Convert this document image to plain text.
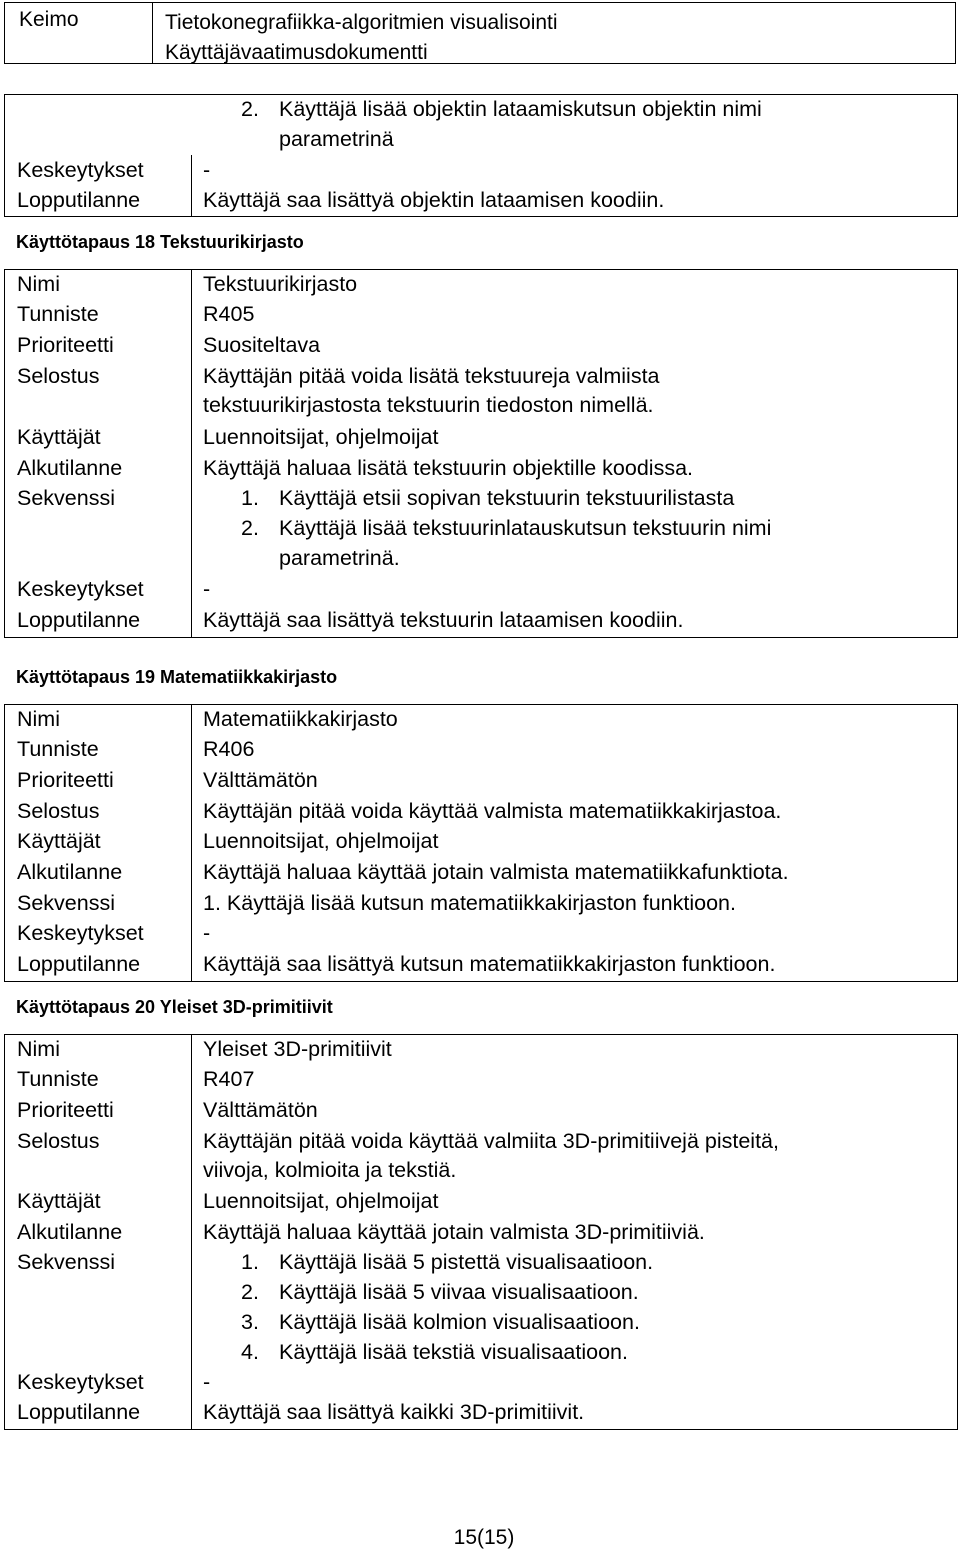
Keimo	Tietokonegrafiikka-algoritmien visualisointi
Käyttäjävaatimusdokumentti
2. Käyttäjä lisää objektin lataamiskutsun objektin nimi
parametrinä
Keskeytykset	-
Lopputilanne	Käyttäjä saa lisättyä objektin lataamisen koodiin.
Käyttötapaus 18 Tekstuurikirjasto
Nimi	Tekstuurikirjasto
Tunniste	R405
Prioriteetti	Suositeltava
Selostus	Käyttäjän pitää voida lisätä tekstuureja valmiista
tekstuurikirjastosta tekstuurin tiedoston nimellä.
Käyttäjät	Luennoitsijat, ohjelmoijat
Alkutilanne	Käyttäjä haluaa lisätä tekstuurin objektille koodissa.
Sekvenssi	1. Käyttäjä etsii sopivan tekstuurin tekstuurilistasta
2. Käyttäjä lisää tekstuurinlatauskutsun tekstuurin nimi
parametrinä.
Keskeytykset	-
Lopputilanne	Käyttäjä saa lisättyä tekstuurin lataamisen koodiin.
Käyttötapaus 19 Matematiikkakirjasto
Nimi	Matematiikkakirjasto
Tunniste	R406
Prioriteetti	Välttämätön
Selostus	Käyttäjän pitää voida käyttää valmista matematiikkakirjastoa.
Käyttäjät	Luennoitsijat, ohjelmoijat
Alkutilanne	Käyttäjä haluaa käyttää jotain valmista matematiikkafunktiota.
Sekvenssi	1. Käyttäjä lisää kutsun matematiikkakirjaston funktioon.
Keskeytykset	-
Lopputilanne	Käyttäjä saa lisättyä kutsun matematiikkakirjaston funktioon.
Käyttötapaus 20 Yleiset 3D-primitiivit
Nimi	Yleiset 3D-primitiivit
Tunniste	R407
Prioriteetti	Välttämätön
Selostus	Käyttäjän pitää voida käyttää valmiita 3D-primitiivejä pisteitä,
viivoja, kolmioita ja tekstiä.
Käyttäjät	Luennoitsijat, ohjelmoijat
Alkutilanne	Käyttäjä haluaa käyttää jotain valmista 3D-primitiiviä.
Sekvenssi	1. Käyttäjä lisää 5 pistettä visualisaatioon.
2. Käyttäjä lisää 5 viivaa visualisaatioon.
3. Käyttäjä lisää kolmion visualisaatioon.
4. Käyttäjä lisää tekstiä visualisaatioon.
Keskeytykset	-
Lopputilanne	Käyttäjä saa lisättyä kaikki 3D-primitiivit.
15(15)
